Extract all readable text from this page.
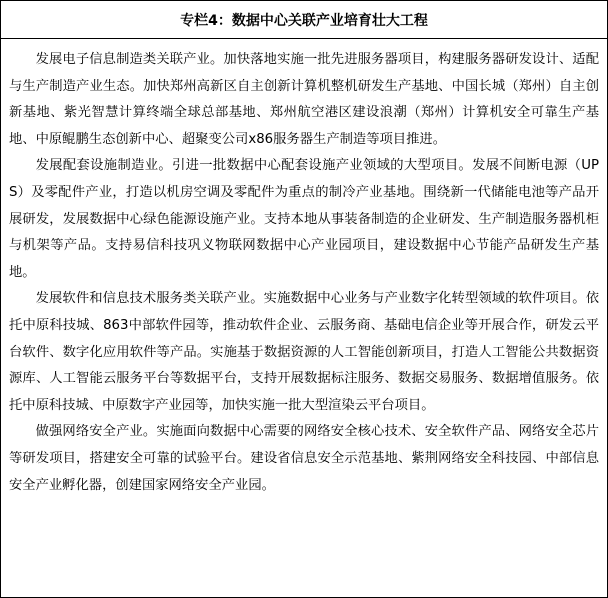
专栏4：数据中心关联产业培育壮大工程

发展电子信息制造类关联产业。加快落地实施一批先进服务器项目，构建服务器研发设计、适配与生产制造产业生态。加快郑州高新区自主创新计算机整机研发生产基地、中国长城（郑州）自主创新基地、紫光智慧计算终端全球总部基地、郑州航空港区建设浪潮（郑州）计算机安全可靠生产基地、中原鲲鹏生态创新中心、超聚变公司x86服务器生产制造等项目推进。

发展配套设施制造业。引进一批数据中心配套设施产业领域的大型项目。发展不间断电源（UPS）及零配件产业，打造以机房空调及零配件为重点的制冷产业基地。围绕新一代储能电池等产品开展研发，发展数据中心绿色能源设施产业。支持本地从事装备制造的企业研发、生产制造服务器机柜与机架等产品。支持易信科技巩义物联网数据中心产业园项目，建设数据中心节能产品研发生产基地。

发展软件和信息技术服务类关联产业。实施数据中心业务与产业数字化转型领域的软件项目。依托中原科技城、863中部软件园等，推动软件企业、云服务商、基础电信企业等开展合作，研发云平台软件、数字化应用软件等产品。实施基于数据资源的人工智能创新项目，打造人工智能公共数据资源库、人工智能云服务平台等数据平台，支持开展数据标注服务、数据交易服务、数据增值服务。依托中原科技城、中原数字产业园等，加快实施一批大型渲染云平台项目。

做强网络安全产业。实施面向数据中心需要的网络安全核心技术、安全软件产品、网络安全芯片等研发项目，搭建安全可靠的试验平台。建设省信息安全示范基地、紫荆网络安全科技园、中部信息安全产业孵化器，创建国家网络安全产业园。
